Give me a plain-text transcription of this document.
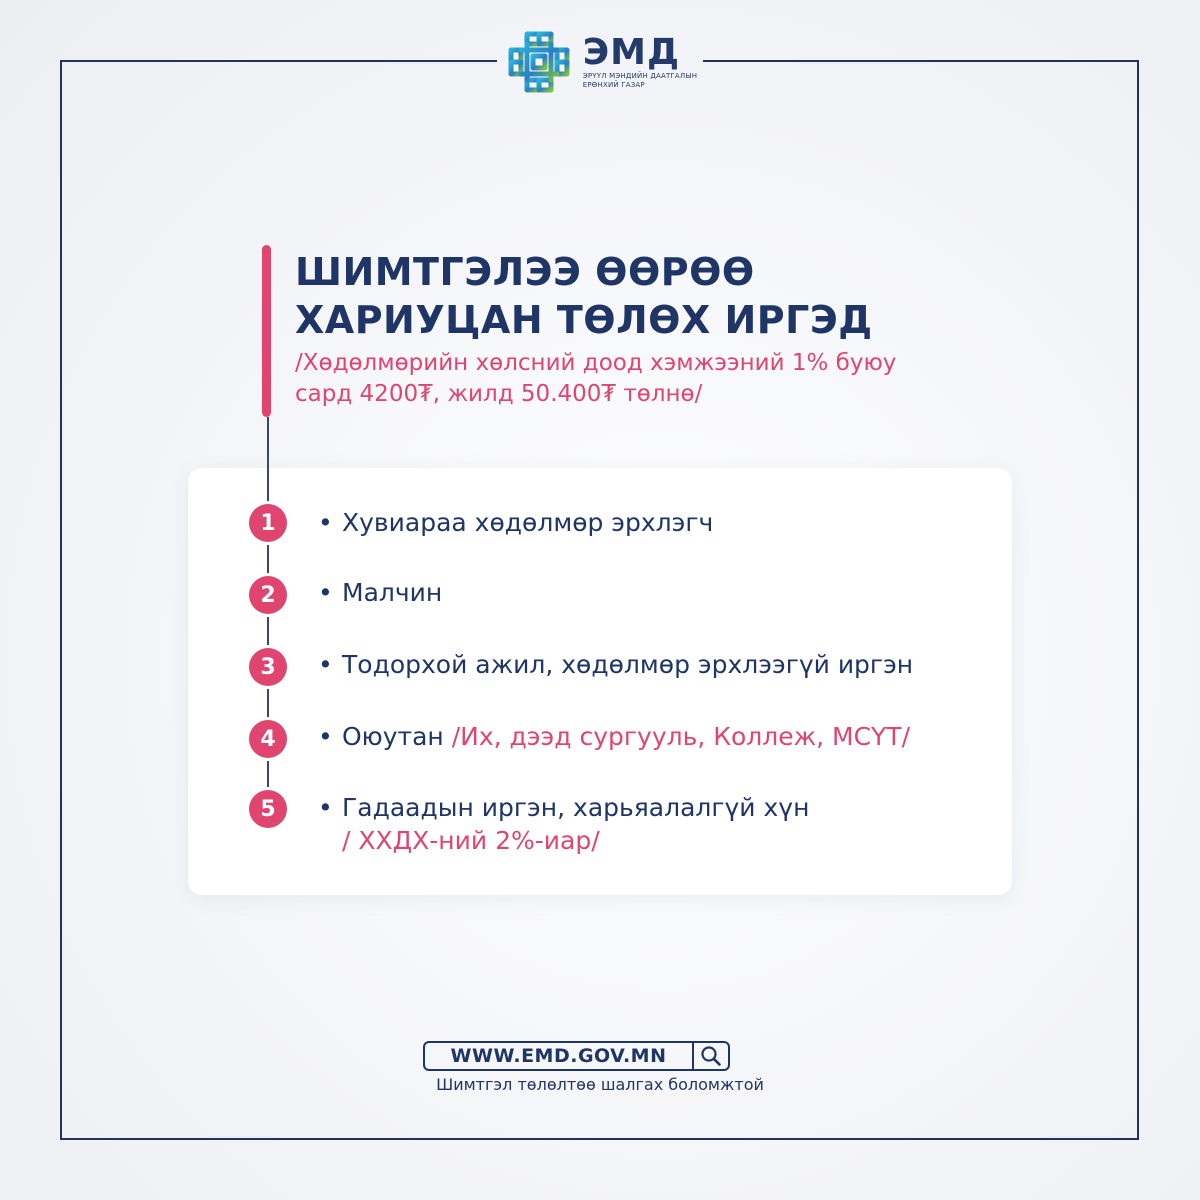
ЭМД
ЭРҮҮЛ МЭНДИЙН ДААТГАЛЫН
ЕРӨНХИЙ ГАЗАР
ШИМТГЭЛЭЭ ӨӨРӨӨ
ХАРИУЦАН ТӨЛӨХ ИРГЭД
/Хөдөлмөрийн хөлсний доод хэмжээний 1% буюу
сард 4200₮, жилд 50.400₮ төлнө/
1	• Хувиараа хөдөлмөр эрхлэгч
2	• Малчин
3	• Тодорхой ажил, хөдөлмөр эрхлээгүй иргэн
4	• Оюутан /Их, дээд сургууль, Коллеж, МСҮТ/
5	• Гадаадын иргэн, харьяалалгүй хүн
/ ХХДХ-ний 2%-иар/
WWW.EMD.GOV.MN
Шимтгэл төлөлтөө шалгах боломжтой
